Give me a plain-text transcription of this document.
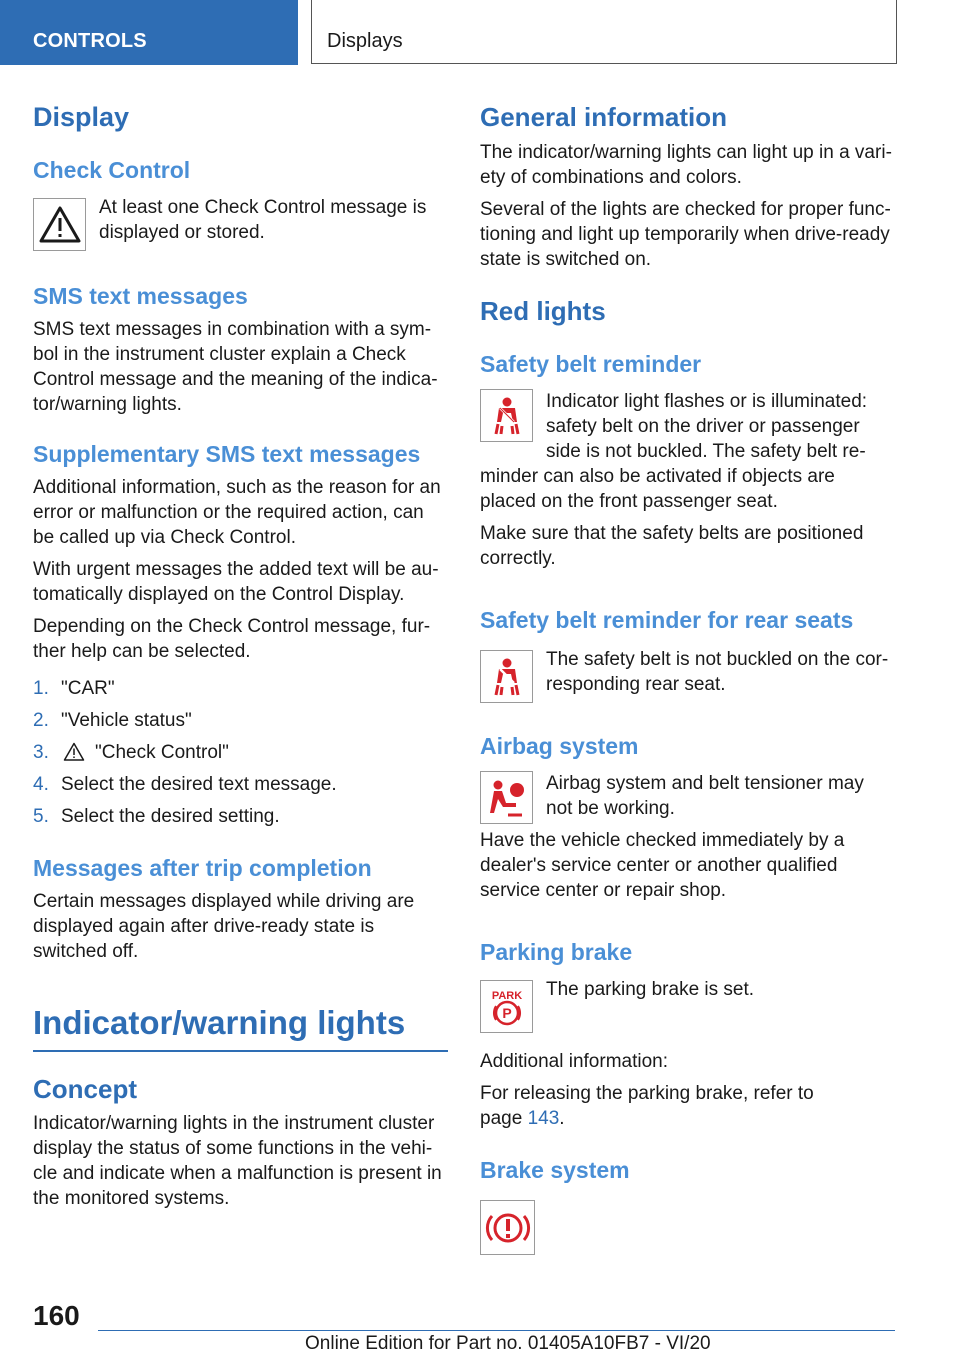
CONTROLS	Displays
Display
Check Control

At least one Check Control message is displayed or stored.

SMS text messages

SMS text messages in combination with a symbol in the instrument cluster explain a Check Control message and the meaning of the indicator/warning lights.

Supplementary SMS text messages

Additional information, such as the reason for an error or malfunction or the required action, can be called up via Check Control.

With urgent messages the added text will be automatically displayed on the Control Display.

Depending on the Check Control message, further help can be selected.

1. "CAR"
2. "Vehicle status"
3.	"Check Control"
4. Select the desired text message.
5. Select the desired setting.
Messages after trip completion

Certain messages displayed while driving are displayed again after drive-ready state is switched off.

Indicator/warning lights
Concept

Indicator/warning lights in the instrument cluster display the status of some functions in the vehicle and indicate when a malfunction is present in the monitored systems.

General information

The indicator/warning lights can light up in a variety of combinations and colors.

Several of the lights are checked for proper functioning and light up temporarily when drive-ready state is switched on.

Red lights
Safety belt reminder

Indicator light flashes or is illuminated: safety belt on the driver or passenger side is not buckled. The safety belt reminder can also be activated if objects are placed on the front passenger seat.

Make sure that the safety belts are positioned correctly.

Safety belt reminder for rear seats

The safety belt is not buckled on the corresponding rear seat.

Airbag system

Airbag system and belt tensioner may not be working.

Have the vehicle checked immediately by a dealer's service center or another qualified service center or repair shop.

Parking brake
PARK
P

The parking brake is set.

Additional information:

For releasing the parking brake, refer to page 143.

Brake system
160
Online Edition for Part no. 01405A10FB7 - VI/20
